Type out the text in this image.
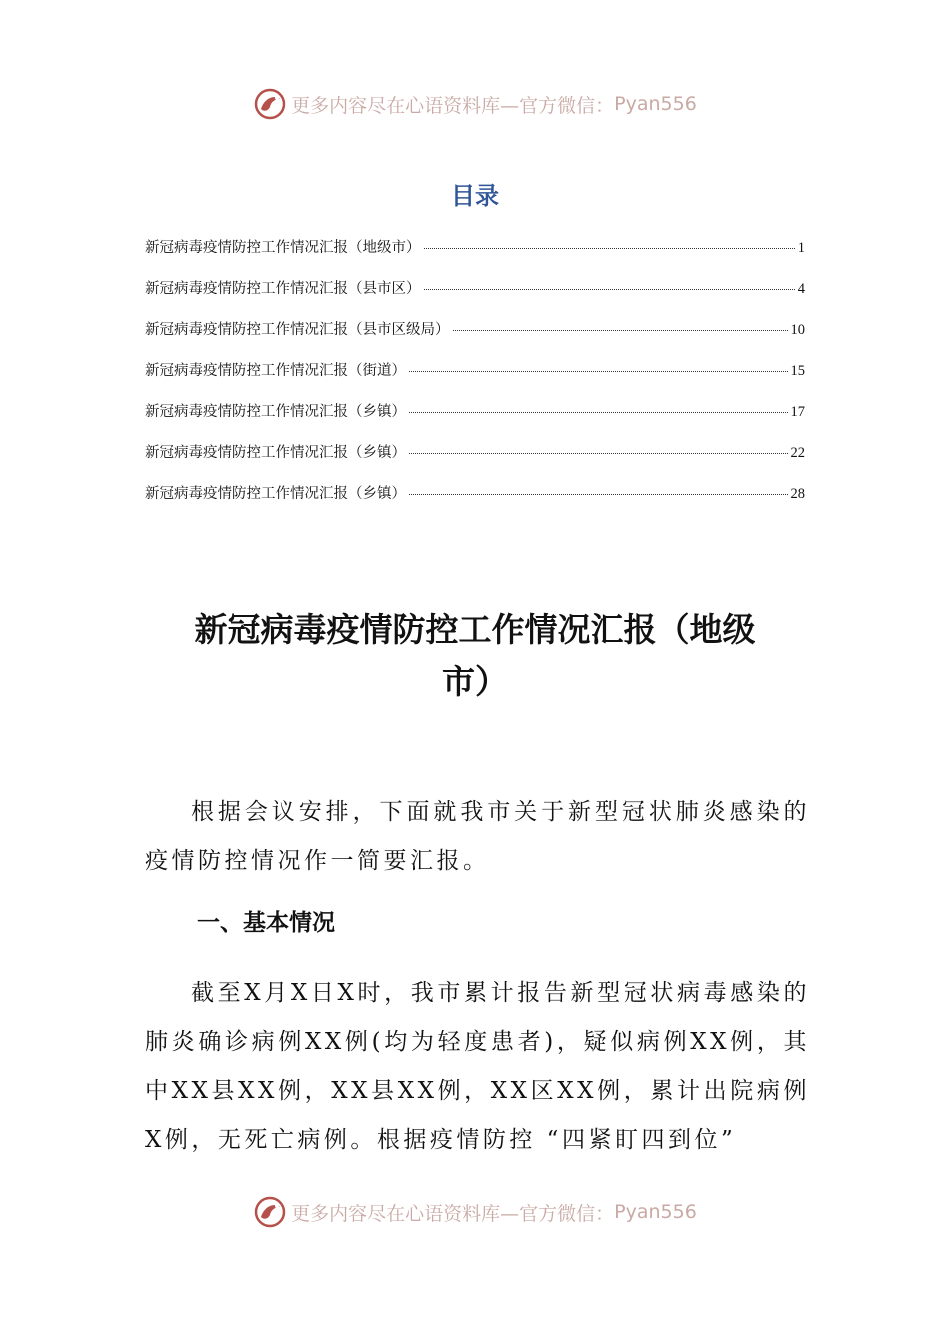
更多内容尽在心语资料库—官方微信： Pyan556
目录
新冠病毒疫情防控工作情况汇报（地级市）	1
新冠病毒疫情防控工作情况汇报（县市区）	4
新冠病毒疫情防控工作情况汇报（县市区级局）	10
新冠病毒疫情防控工作情况汇报（街道）	15
新冠病毒疫情防控工作情况汇报（乡镇）	17
新冠病毒疫情防控工作情况汇报（乡镇）	22
新冠病毒疫情防控工作情况汇报（乡镇）	28
新冠病毒疫情防控工作情况汇报（地级
市）

根据会议安排，下面就我市关于新型冠状肺炎感染的疫情防控情况作一简要汇报。

一、基本情况

截至X月X日X时，我市累计报告新型冠状病毒感染的肺炎确诊病例XX例(均为轻度患者)，疑似病例XX例，其中XX县XX例，XX县XX例，XX区XX例，累计出院病例X例，无死亡病例。根据疫情防控 “四紧盯四到位”

更多内容尽在心语资料库—官方微信： Pyan556
